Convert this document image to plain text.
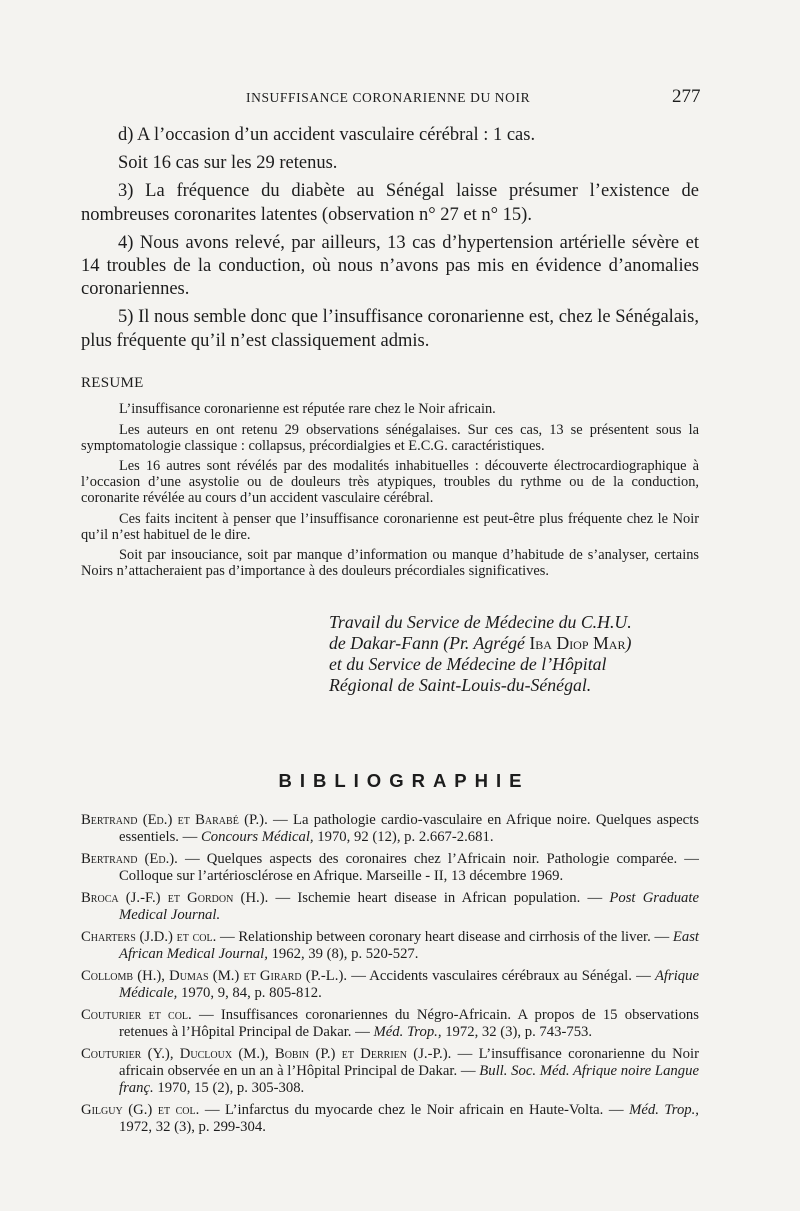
INSUFFISANCE CORONARIENNE DU NOIR	277

d) A l’occasion d’un accident vasculaire cérébral : 1 cas.

Soit 16 cas sur les 29 retenus.

3) La fréquence du diabète au Sénégal laisse présumer l’existence de nombreuses coronarites latentes (observation n° 27 et n° 15).

4) Nous avons relevé, par ailleurs, 13 cas d’hypertension artérielle sévère et 14 troubles de la conduction, où nous n’avons pas mis en évidence d’anomalies coronariennes.

5) Il nous semble donc que l’insuffisance coronarienne est, chez le Sénégalais, plus fréquente qu’il n’est classiquement admis.

RESUME

L’insuffisance coronarienne est réputée rare chez le Noir africain.

Les auteurs en ont retenu 29 observations sénégalaises. Sur ces cas, 13 se présentent sous la symptomatologie classique : collapsus, précordialgies et E.C.G. caractéristiques.

Les 16 autres sont révélés par des modalités inhabituelles : découverte électrocardiographique à l’occasion d’une asystolie ou de douleurs très atypiques, troubles du rythme ou de la conduction, coronarite révélée au cours d’un accident vasculaire cérébral.

Ces faits incitent à penser que l’insuffisance coronarienne est peut-être plus fréquente chez le Noir qu’il n’est habituel de le dire.

Soit par insouciance, soit par manque d’information ou manque d’habitude de s’analyser, certains Noirs n’attacheraient pas d’importance à des douleurs précordiales significatives.

Travail du Service de Médecine du C.H.U.
de Dakar-Fann (Pr. Agrégé Iba Diop Mar)
et du Service de Médecine de l’Hôpital
Régional de Saint-Louis-du-Sénégal.
BIBLIOGRAPHIE
Bertrand (Ed.) et Barabé (P.). — La pathologie cardio-vasculaire en Afrique noire. Quelques aspects essentiels. — Concours Médical, 1970, 92 (12), p. 2.667-2.681.
Bertrand (Ed.). — Quelques aspects des coronaires chez l’Africain noir. Pathologie comparée. — Colloque sur l’artériosclérose en Afrique. Marseille - II, 13 décembre 1969.
Broca (J.-F.) et Gordon (H.). — Ischemie heart disease in African population. — Post Graduate Medical Journal.
Charters (J.D.) et col. — Relationship between coronary heart disease and cirrhosis of the liver. — East African Medical Journal, 1962, 39 (8), p. 520-527.
Collomb (H.), Dumas (M.) et Girard (P.-L.). — Accidents vasculaires cérébraux au Sénégal. — Afrique Médicale, 1970, 9, 84, p. 805-812.
Couturier et col. — Insuffisances coronariennes du Négro-Africain. A propos de 15 observations retenues à l’Hôpital Principal de Dakar. — Méd. Trop., 1972, 32 (3), p. 743-753.
Couturier (Y.), Ducloux (M.), Bobin (P.) et Derrien (J.-P.). — L’insuffisance coronarienne du Noir africain observée en un an à l’Hôpital Principal de Dakar. — Bull. Soc. Méd. Afrique noire Langue franç. 1970, 15 (2), p. 305-308.
Gilguy (G.) et col. — L’infarctus du myocarde chez le Noir africain en Haute-Volta. — Méd. Trop., 1972, 32 (3), p. 299-304.
